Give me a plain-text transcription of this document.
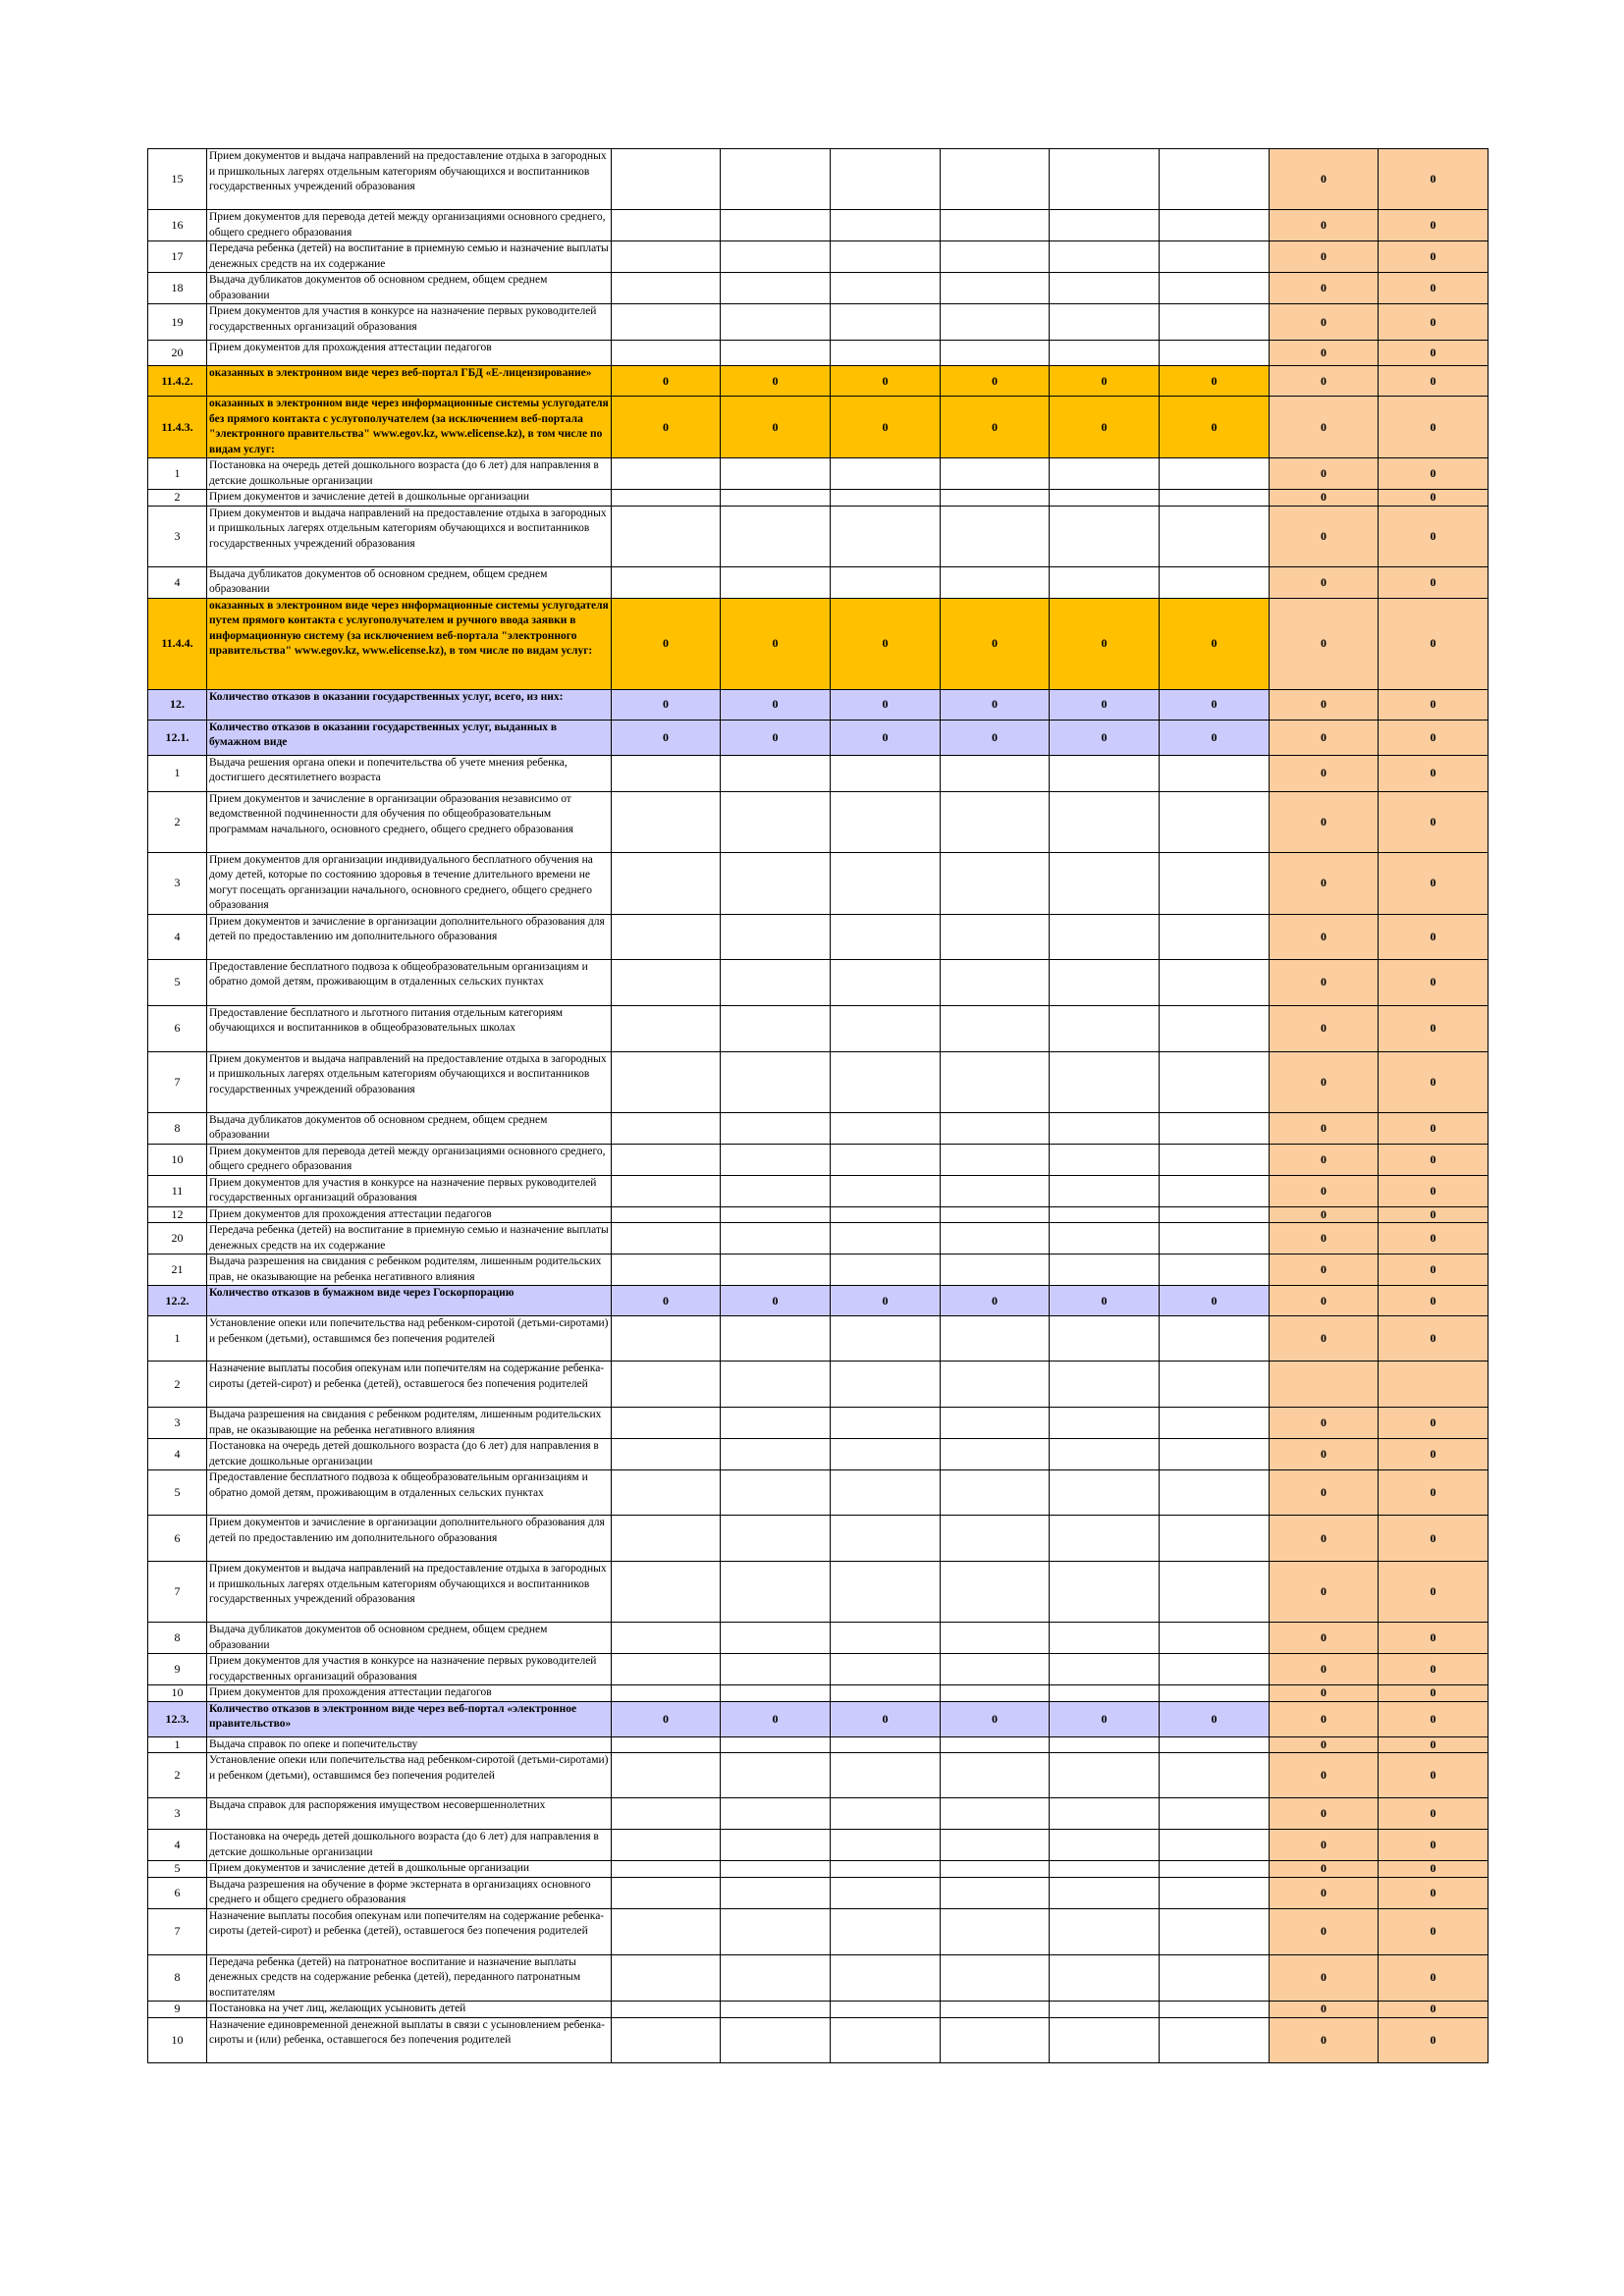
15	Прием документов и выдача направлений на предоставление отдыха в загородных и пришкольных лагерях отдельным категориям обучающихся и воспитанников государственных учреждений образования							0	0
16	Прием документов для перевода детей между организациями основного среднего, общего среднего образования							0	0
17	Передача ребенка (детей) на воспитание в приемную семью и назначение выплаты денежных средств на их содержание							0	0
18	Выдача дубликатов документов об основном среднем, общем среднем образовании							0	0
19	Прием документов для участия в конкурсе на назначение первых руководителей государственных организаций образования							0	0
20	Прием документов для прохождения аттестации педагогов							0	0
11.4.2.	оказанных в электронном виде через веб-портал ГБД «Е-лицензирование»	0	0	0	0	0	0	0	0
11.4.3.	оказанных в электронном виде через информационные системы услугодателя без прямого контакта с услугополучателем (за исключением веб-портала "электронного правительства" www.egov.kz, www.elicense.kz), в том числе по видам услуг:	0	0	0	0	0	0	0	0
1	Постановка на очередь детей дошкольного возраста (до 6 лет) для направления в детские дошкольные организации							0	0
2	Прием документов и зачисление детей в дошкольные организации							0	0
3	Прием документов и выдача направлений на предоставление отдыха в загородных и пришкольных лагерях отдельным категориям обучающихся и воспитанников государственных учреждений образования							0	0
4	Выдача дубликатов документов об основном среднем, общем среднем образовании							0	0
11.4.4.	оказанных в электронном виде через информационные системы услугодателя путем прямого контакта с услугополучателем и ручного ввода заявки в информационную систему (за исключением веб-портала "электронного правительства" www.egov.kz, www.elicense.kz), в том числе по видам услуг:	0	0	0	0	0	0	0	0
12.	Количество отказов в оказании государственных услуг, всего, из них:	0	0	0	0	0	0	0	0
12.1.	Количество отказов в оказании государственных услуг, выданных в бумажном виде	0	0	0	0	0	0	0	0
1	Выдача решения органа опеки и попечительства об учете мнения ребенка, достигшего десятилетнего возраста							0	0
2	Прием документов и зачисление в организации образования независимо от ведомственной подчиненности для обучения по общеобразовательным программам начального, основного среднего, общего среднего образования							0	0
3	Прием документов для организации индивидуального бесплатного обучения на дому детей, которые по состоянию здоровья в течение длительного времени не могут посещать организации начального, основного среднего, общего среднего образования							0	0
4	Прием документов и зачисление в организации дополнительного образования для детей по предоставлению им дополнительного образования							0	0
5	Предоставление бесплатного подвоза к общеобразовательным организациям и обратно домой детям, проживающим в отдаленных сельских пунктах							0	0
6	Предоставление бесплатного и льготного питания отдельным категориям обучающихся и воспитанников в общеобразовательных школах							0	0
7	Прием документов и выдача направлений на предоставление отдыха в загородных и пришкольных лагерях отдельным категориям обучающихся и воспитанников государственных учреждений образования							0	0
8	Выдача дубликатов документов об основном среднем, общем среднем образовании							0	0
10	Прием документов для перевода детей между организациями основного среднего, общего среднего образования							0	0
11	Прием документов для участия в конкурсе на назначение первых руководителей государственных организаций образования							0	0
12	Прием документов для прохождения аттестации педагогов							0	0
20	Передача ребенка (детей) на воспитание в приемную семью и назначение выплаты денежных средств на их содержание							0	0
21	Выдача разрешения на свидания с ребенком родителям, лишенным родительских прав, не оказывающие на ребенка негативного влияния							0	0
12.2.	Количество отказов в бумажном виде через Госкорпорацию	0	0	0	0	0	0	0	0
1	Установление опеки или попечительства над ребенком-сиротой (детьми-сиротами) и ребенком (детьми), оставшимся без попечения родителей							0	0
2	Назначение выплаты пособия опекунам или попечителям на содержание ребенка-сироты (детей-сирот) и ребенка (детей), оставшегося без попечения родителей								
3	Выдача разрешения на свидания с ребенком родителям, лишенным родительских прав, не оказывающие на ребенка негативного влияния							0	0
4	Постановка на очередь детей дошкольного возраста (до 6 лет) для направления в детские дошкольные организации							0	0
5	Предоставление бесплатного подвоза к общеобразовательным организациям и обратно домой детям, проживающим в отдаленных сельских пунктах							0	0
6	Прием документов и зачисление в организации дополнительного образования для детей по предоставлению им дополнительного образования							0	0
7	Прием документов и выдача направлений на предоставление отдыха в загородных и пришкольных лагерях отдельным категориям обучающихся и воспитанников государственных учреждений образования							0	0
8	Выдача дубликатов документов об основном среднем, общем среднем образовании							0	0
9	Прием документов для участия в конкурсе на назначение первых руководителей государственных организаций образования							0	0
10	Прием документов для прохождения аттестации педагогов							0	0
12.3.	Количество отказов в электронном виде через веб-портал «электронное правительство»	0	0	0	0	0	0	0	0
1	Выдача справок по опеке и попечительству							0	0
2	Установление опеки или попечительства над ребенком-сиротой (детьми-сиротами) и ребенком (детьми), оставшимся без попечения родителей							0	0
3	Выдача справок для распоряжения имуществом несовершеннолетних							0	0
4	Постановка на очередь детей дошкольного возраста (до 6 лет) для направления в детские дошкольные организации							0	0
5	Прием документов и зачисление детей в дошкольные организации							0	0
6	Выдача разрешения на обучение в форме экстерната в организациях основного среднего и общего среднего образования							0	0
7	Назначение выплаты пособия опекунам или попечителям на содержание ребенка-сироты (детей-сирот) и ребенка (детей), оставшегося без попечения родителей							0	0
8	Передача ребенка (детей) на патронатное воспитание и назначение выплаты денежных средств на содержание ребенка (детей), переданного патронатным воспитателям							0	0
9	Постановка на учет лиц, желающих усыновить детей							0	0
10	Назначение единовременной денежной выплаты в связи с усыновлением ребенка-сироты и (или) ребенка, оставшегося без попечения родителей							0	0
